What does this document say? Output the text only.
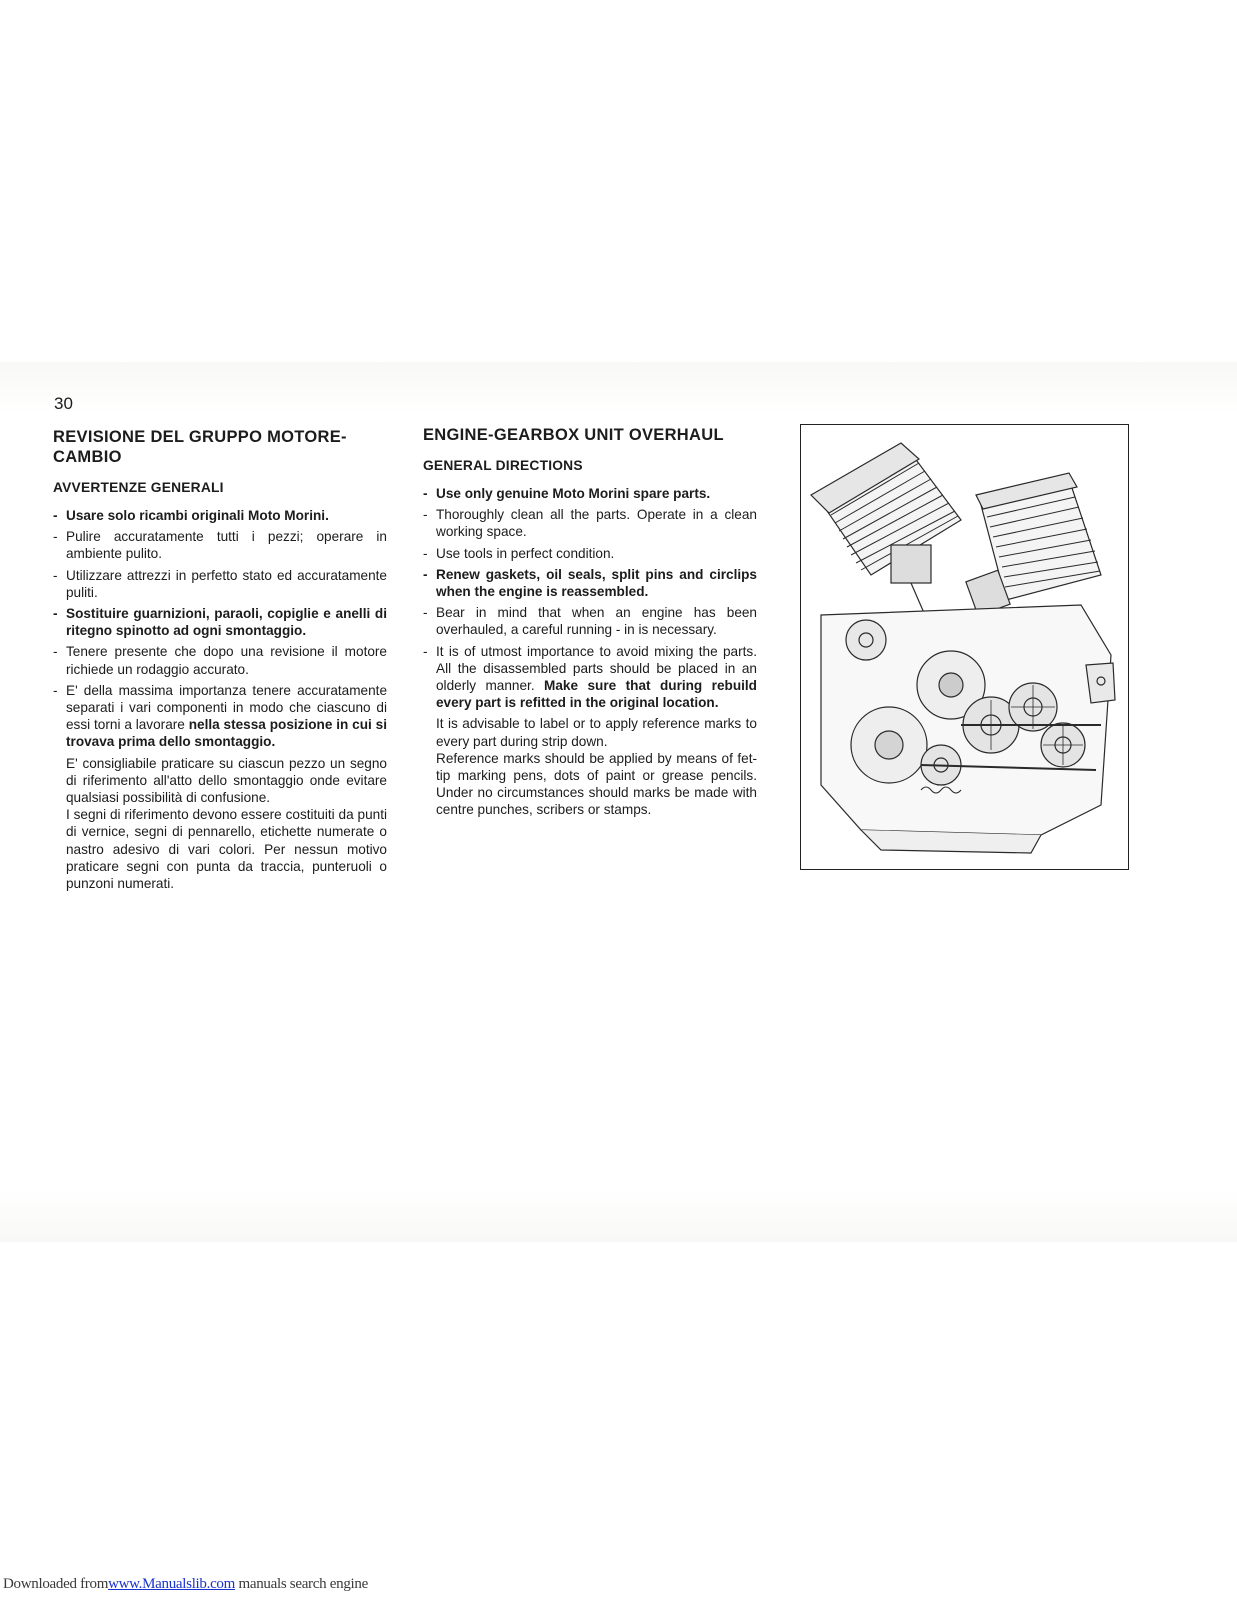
30
REVISIONE DEL GRUPPO MOTORE-CAMBIO
AVVERTENZE GENERALI
- Usare solo ricambi originali Moto Morini.
- Pulire accuratamente tutti i pezzi; operare in ambiente pulito.
- Utilizzare attrezzi in perfetto stato ed accuratamente puliti.
- Sostituire guarnizioni, paraoli, copiglie e anelli di ritegno spinotto ad ogni smontaggio.
- Tenere presente che dopo una revisione il motore richiede un rodaggio accurato.
- E' della massima importanza tenere accuratamente separati i vari componenti in modo che ciascuno di essi torni a lavorare nella stessa posizione in cui si trovava prima dello smontaggio.

E' consigliabile praticare su ciascun pezzo un segno di riferimento all'atto dello smontaggio onde evitare qualsiasi possibilità di confusione.

I segni di riferimento devono essere costituiti da punti di vernice, segni di pennarello, etichette numerate o nastro adesivo di vari colori. Per nessun motivo praticare segni con punta da traccia, punteruoli o punzoni numerati.

ENGINE-GEARBOX UNIT OVERHAUL
GENERAL DIRECTIONS
- Use only genuine Moto Morini spare parts.
- Thoroughly clean all the parts. Operate in a clean working space.
- Use tools in perfect condition.
- Renew gaskets, oil seals, split pins and circlips when the engine is reassembled.
- Bear in mind that when an engine has been overhauled, a careful running - in is necessary.
- It is of utmost importance to avoid mixing the parts. All the disassembled parts should be placed in an olderly manner. Make sure that during rebuild every part is refitted in the original location.

It is advisable to label or to apply reference marks to every part during strip down.

Reference marks should be applied by means of fet-tip marking pens, dots of paint or grease pencils. Under no circumstances should marks be made with centre punches, scribers or stamps.

Downloaded fromwww.Manualslib.com manuals search engine
